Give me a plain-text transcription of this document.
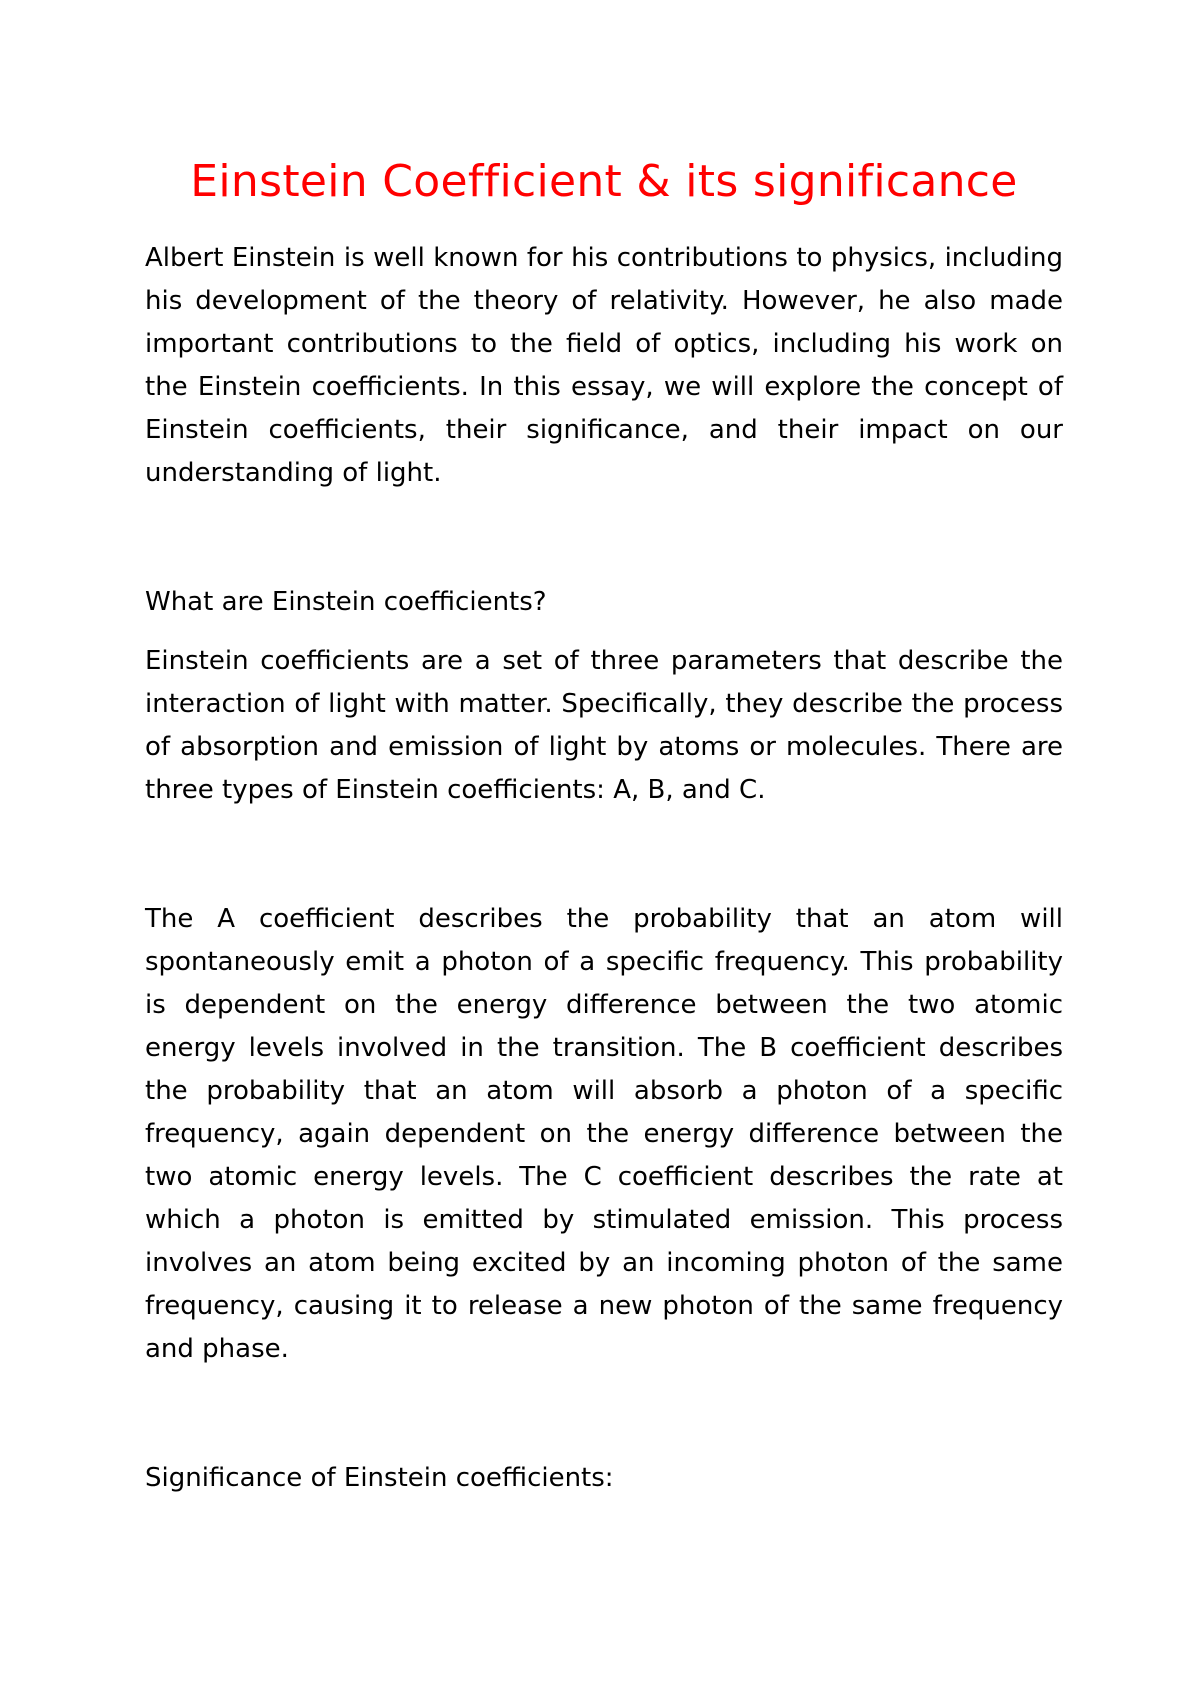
Einstein Coefficient & its significance

Albert Einstein is well known for his contributions to physics, including his development of the theory of relativity. However, he also made important contributions to the field of optics, including his work on the Einstein coefficients. In this essay, we will explore the concept of Einstein coefficients, their significance, and their impact on our understanding of light.

What are Einstein coefficients?

Einstein coefficients are a set of three parameters that describe the interaction of light with matter. Specifically, they describe the process of absorption and emission of light by atoms or molecules. There are three types of Einstein coefficients: A, B, and C.

The A coefficient describes the probability that an atom will spontaneously emit a photon of a specific frequency. This probability is dependent on the energy difference between the two atomic energy levels involved in the transition. The B coefficient describes the probability that an atom will absorb a photon of a specific frequency, again dependent on the energy difference between the two atomic energy levels. The C coefficient describes the rate at which a photon is emitted by stimulated emission. This process involves an atom being excited by an incoming photon of the same frequency, causing it to release a new photon of the same frequency and phase.

Significance of Einstein coefficients:
